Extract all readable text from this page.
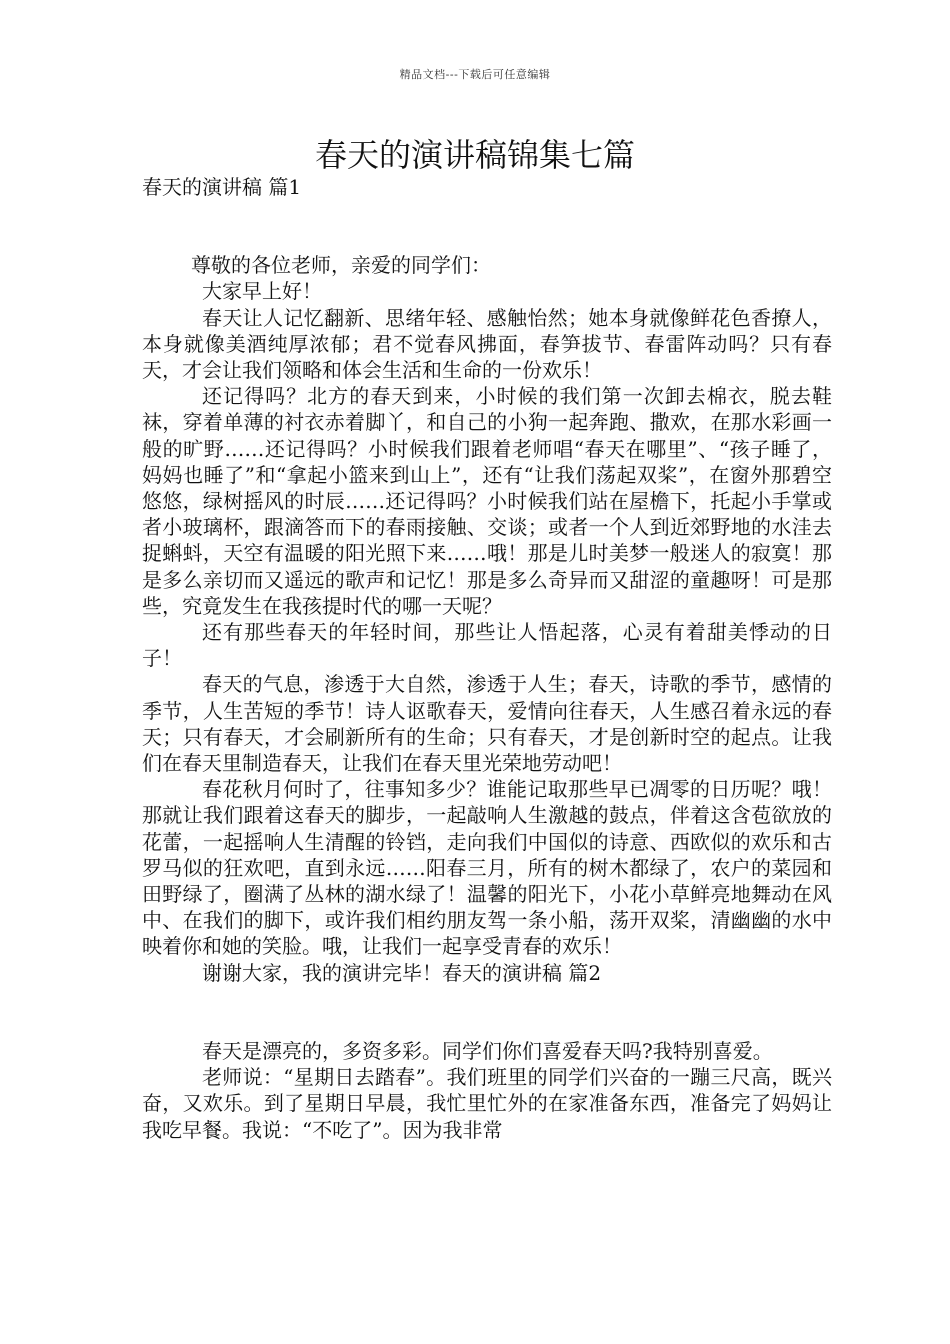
精品文档---下载后可任意编辑
春天的演讲稿锦集七篇

春天的演讲稿 篇1

尊敬的各位老师，亲爱的同学们：

大家早上好！

春天让人记忆翻新、思绪年轻、感触怡然；她本身就像鲜花色香撩人，本身就像美酒纯厚浓郁；君不觉春风拂面，春笋拔节、春雷阵动吗？只有春天，才会让我们领略和体会生活和生命的一份欢乐！

还记得吗？北方的春天到来，小时候的我们第一次卸去棉衣，脱去鞋袜，穿着单薄的衬衣赤着脚丫，和自己的小狗一起奔跑、撒欢，在那水彩画一般的旷野……还记得吗？小时候我们跟着老师唱“春天在哪里”、“孩子睡了，妈妈也睡了”和“拿起小篮来到山上”，还有“让我们荡起双桨”，在窗外那碧空悠悠，绿树摇风的时辰……还记得吗？小时候我们站在屋檐下，托起小手掌或者小玻璃杯，跟滴答而下的春雨接触、交谈；或者一个人到近郊野地的水洼去捉蝌蚪，天空有温暖的阳光照下来……哦！那是儿时美梦一般迷人的寂寞！那是多么亲切而又遥远的歌声和记忆！那是多么奇异而又甜涩的童趣呀！可是那些，究竟发生在我孩提时代的哪一天呢？

还有那些春天的年轻时间，那些让人悟起落，心灵有着甜美悸动的日子！

春天的气息，渗透于大自然，渗透于人生；春天，诗歌的季节，感情的季节，人生苦短的季节！诗人讴歌春天，爱情向往春天，人生感召着永远的春天；只有春天，才会刷新所有的生命；只有春天，才是创新时空的起点。让我们在春天里制造春天，让我们在春天里光荣地劳动吧！

春花秋月何时了，往事知多少？谁能记取那些早已凋零的日历呢？哦！那就让我们跟着这春天的脚步，一起敲响人生激越的鼓点，伴着这含苞欲放的花蕾，一起摇响人生清醒的铃铛，走向我们中国似的诗意、西欧似的欢乐和古罗马似的狂欢吧，直到永远……阳春三月，所有的树木都绿了，农户的菜园和田野绿了，圈满了丛林的湖水绿了！温馨的阳光下，小花小草鲜亮地舞动在风中、在我们的脚下，或许我们相约朋友驾一条小船，荡开双桨，清幽幽的水中映着你和她的笑脸。哦，让我们一起享受青春的欢乐！

谢谢大家，我的演讲完毕！春天的演讲稿 篇2

春天是漂亮的，多资多彩。同学们你们喜爱春天吗?我特别喜爱。

老师说：“星期日去踏春”。我们班里的同学们兴奋的一蹦三尺高，既兴奋，又欢乐。到了星期日早晨，我忙里忙外的在家准备东西，准备完了妈妈让我吃早餐。我说：“不吃了”。因为我非常
